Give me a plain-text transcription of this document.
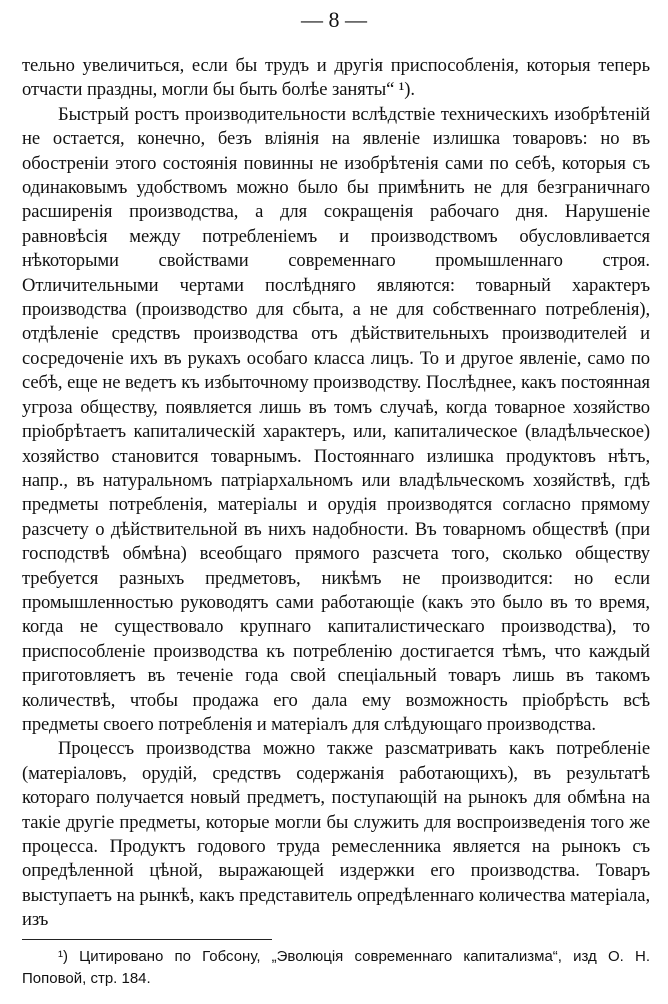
— 8 —

тельно увеличиться, если бы трудъ и другія приспособленія, которыя теперь отчасти праздны, могли бы быть болѣе заняты“ ¹).

Быстрый ростъ производительности вслѣдствіе техническихъ изобрѣтеній не остается, конечно, безъ вліянія на явленіе излишка товаровъ: но въ обостреніи этого состоянія повинны не изобрѣтенія сами по себѣ, которыя съ одинаковымъ удобствомъ можно было бы примѣнить не для безграничнаго расширенія производства, а для сокращенія рабочаго дня. Нарушеніе равновѣсія между потребленіемъ и производствомъ обусловливается нѣкоторыми свойствами современнаго промышленнаго строя. Отличительными чертами послѣдняго являются: товарный характеръ производства (производство для сбыта, а не для собственнаго потребленія), отдѣленіе средствъ производства отъ дѣйствительныхъ производителей и сосредоченіе ихъ въ рукахъ особаго класса лицъ. То и другое явленіе, само по себѣ, еще не ведетъ къ избыточному производству. Послѣднее, какъ постоянная угроза обществу, появляется лишь въ томъ случаѣ, когда товарное хозяйство пріобрѣтаетъ капиталическій характеръ, или, капиталическое (владѣльческое) хозяйство становится товарнымъ. Постояннаго излишка продуктовъ нѣтъ, напр., въ натуральномъ патріархальномъ или владѣльческомъ хозяйствѣ, гдѣ предметы потребленія, матеріалы и орудія производятся согласно прямому разсчету о дѣйствительной въ нихъ надобности. Въ товарномъ обществѣ (при господствѣ обмѣна) всеобщаго прямого разсчета того, сколько обществу требуется разныхъ предметовъ, никѣмъ не производится: но если промышленностью руководятъ сами работающіе (какъ это было въ то время, когда не существовало крупнаго капиталистическаго производства), то приспособленіе производства къ потребленію достигается тѣмъ, что каждый приготовляетъ въ теченіе года свой спеціальный товаръ лишь въ такомъ количествѣ, чтобы продажа его дала ему возможность пріобрѣсть всѣ предметы своего потребленія и матеріалъ для слѣдующаго производства.

Процессъ производства можно также разсматривать какъ потребленіе (матеріаловъ, орудій, средствъ содержанія работающихъ), въ результатѣ котораго получается новый предметъ, поступающій на рынокъ для обмѣна на такіе другіе предметы, которые могли бы служить для воспроизведенія того же процесса. Продуктъ годового труда ремесленника является на рынокъ съ опредѣленной цѣной, выражающей издержки его производства. Товаръ выступаетъ на рынкѣ, какъ представитель опредѣленнаго количества матеріала, изъ

¹) Цитировано по Гобсону, „Эволюція современнаго капитализма“, изд О. Н. Поповой, стр. 184.
